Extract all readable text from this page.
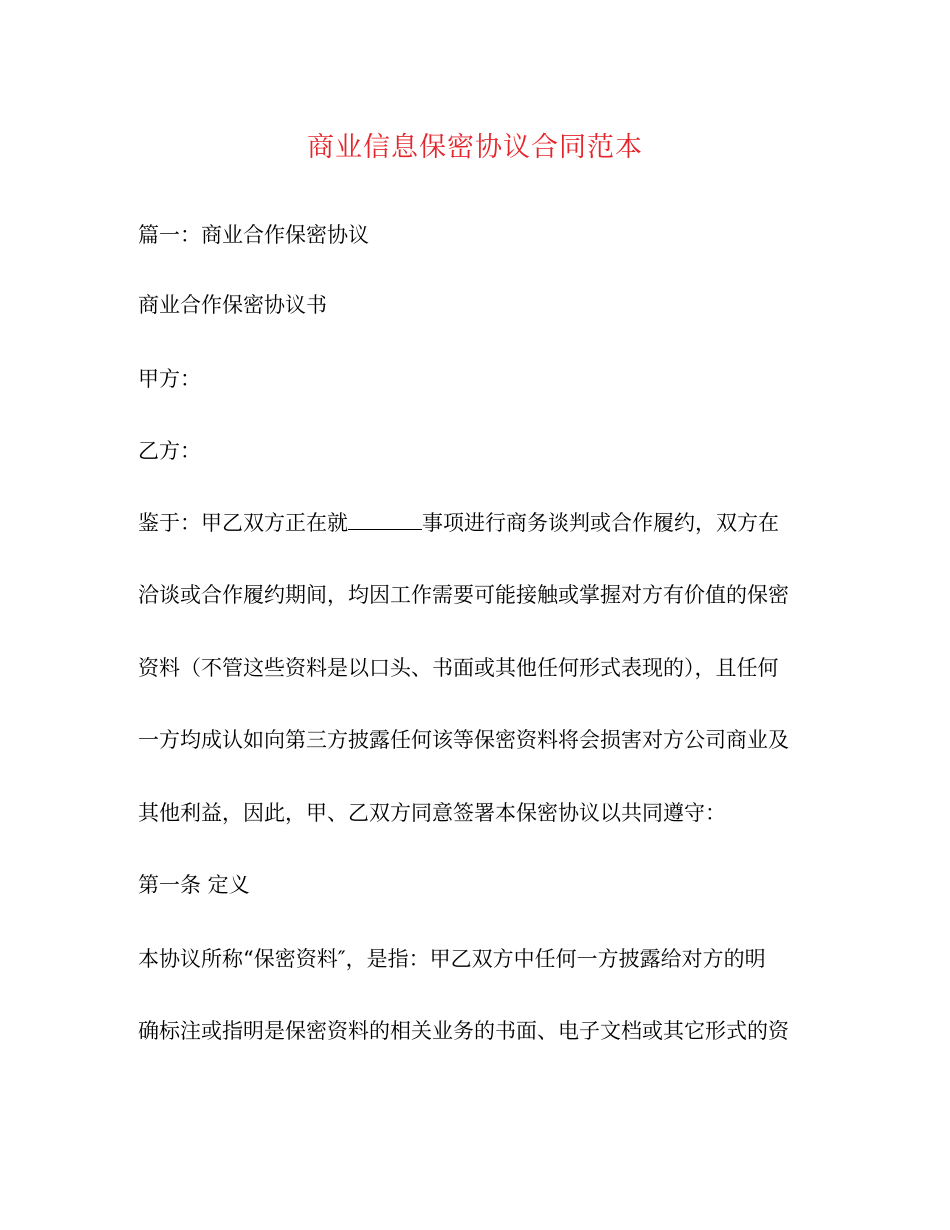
商业信息保密协议合同范本
篇一：商业合作保密协议
商业合作保密协议书
甲方：
乙方：
鉴于：甲乙双方正在就	事项进行商务谈判或合作履约，双方在
洽谈或合作履约期间，均因工作需要可能接触或掌握对方有价值的保密
资料（不管这些资料是以口头、书面或其他任何形式表现的），且任何
一方均成认如向第三方披露任何该等保密资料将会损害对方公司商业及
其他利益，因此，甲、乙双方同意签署本保密协议以共同遵守：
第一条 定义
本协议所称“保密资料″，是指：甲乙双方中任何一方披露给对方的明
确标注或指明是保密资料的相关业务的书面、电子文档或其它形式的资
